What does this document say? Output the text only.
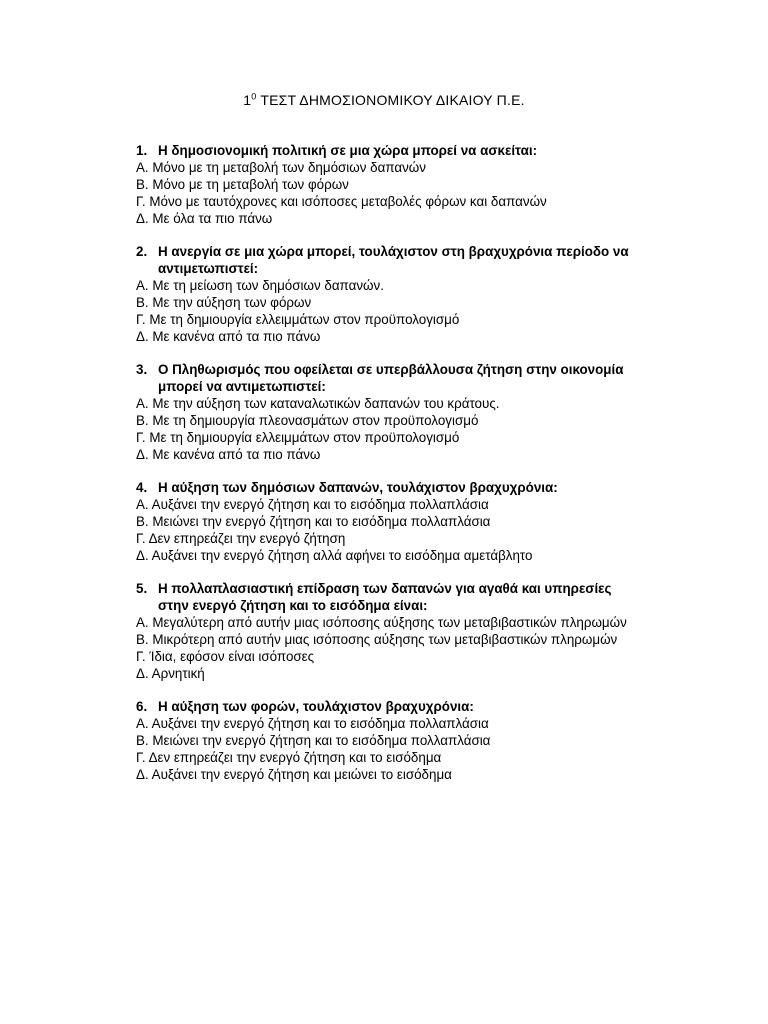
$1^0$ ΤΕΣΤ ΔΗΜΟΣΙΟΝΟΜΙΚΟΥ ΔΙΚΑΙΟΥ Π.Ε.
1. Η δημοσιονομική πολιτική σε μια χώρα μπορεί να ασκείται:
Α. Μόνο με τη μεταβολή των δημόσιων δαπανών
Β. Μόνο με τη μεταβολή των φόρων
Γ. Μόνο με ταυτόχρονες και ισόποσες μεταβολές φόρων και δαπανών
Δ. Με όλα τα πιο πάνω
2. Η ανεργία σε μια χώρα μπορεί, τουλάχιστον στη βραχυχρόνια περίοδο να αντιμετωπιστεί:
Α. Με τη μείωση των δημόσιων δαπανών.
Β. Με την αύξηση των φόρων
Γ. Με τη δημιουργία ελλειμμάτων στον προϋπολογισμό
Δ. Με κανένα από τα πιο πάνω
3. Ο Πληθωρισμός που οφείλεται σε υπερβάλλουσα ζήτηση στην οικονομία μπορεί να αντιμετωπιστεί:
Α. Με την αύξηση των καταναλωτικών δαπανών του κράτους.
Β. Με τη δημιουργία πλεονασμάτων στον προϋπολογισμό
Γ. Με τη δημιουργία ελλειμμάτων στον προϋπολογισμό
Δ. Με κανένα από τα πιο πάνω
4. Η αύξηση των δημόσιων δαπανών, τουλάχιστον βραχυχρόνια:
Α. Αυξάνει την ενεργό ζήτηση και το εισόδημα πολλαπλάσια
Β. Μειώνει την ενεργό ζήτηση και το εισόδημα πολλαπλάσια
Γ. Δεν επηρεάζει την ενεργό ζήτηση
Δ. Αυξάνει την ενεργό ζήτηση αλλά αφήνει το εισόδημα αμετάβλητο
5. Η πολλαπλασιαστική επίδραση των δαπανών για αγαθά και υπηρεσίες στην ενεργό ζήτηση και το εισόδημα είναι:
Α. Μεγαλύτερη από αυτήν μιας ισόποσης αύξησης των μεταβιβαστικών πληρωμών
Β. Μικρότερη από αυτήν μιας ισόποσης αύξησης των μεταβιβαστικών πληρωμών
Γ. Ίδια, εφόσον είναι ισόποσες
Δ. Αρνητική
6. Η αύξηση των φορών, τουλάχιστον βραχυχρόνια:
Α. Αυξάνει την ενεργό ζήτηση και το εισόδημα πολλαπλάσια
Β. Μειώνει την ενεργό ζήτηση και το εισόδημα πολλαπλάσια
Γ. Δεν επηρεάζει την ενεργό ζήτηση και το εισόδημα
Δ. Αυξάνει την ενεργό ζήτηση και μειώνει το εισόδημα
